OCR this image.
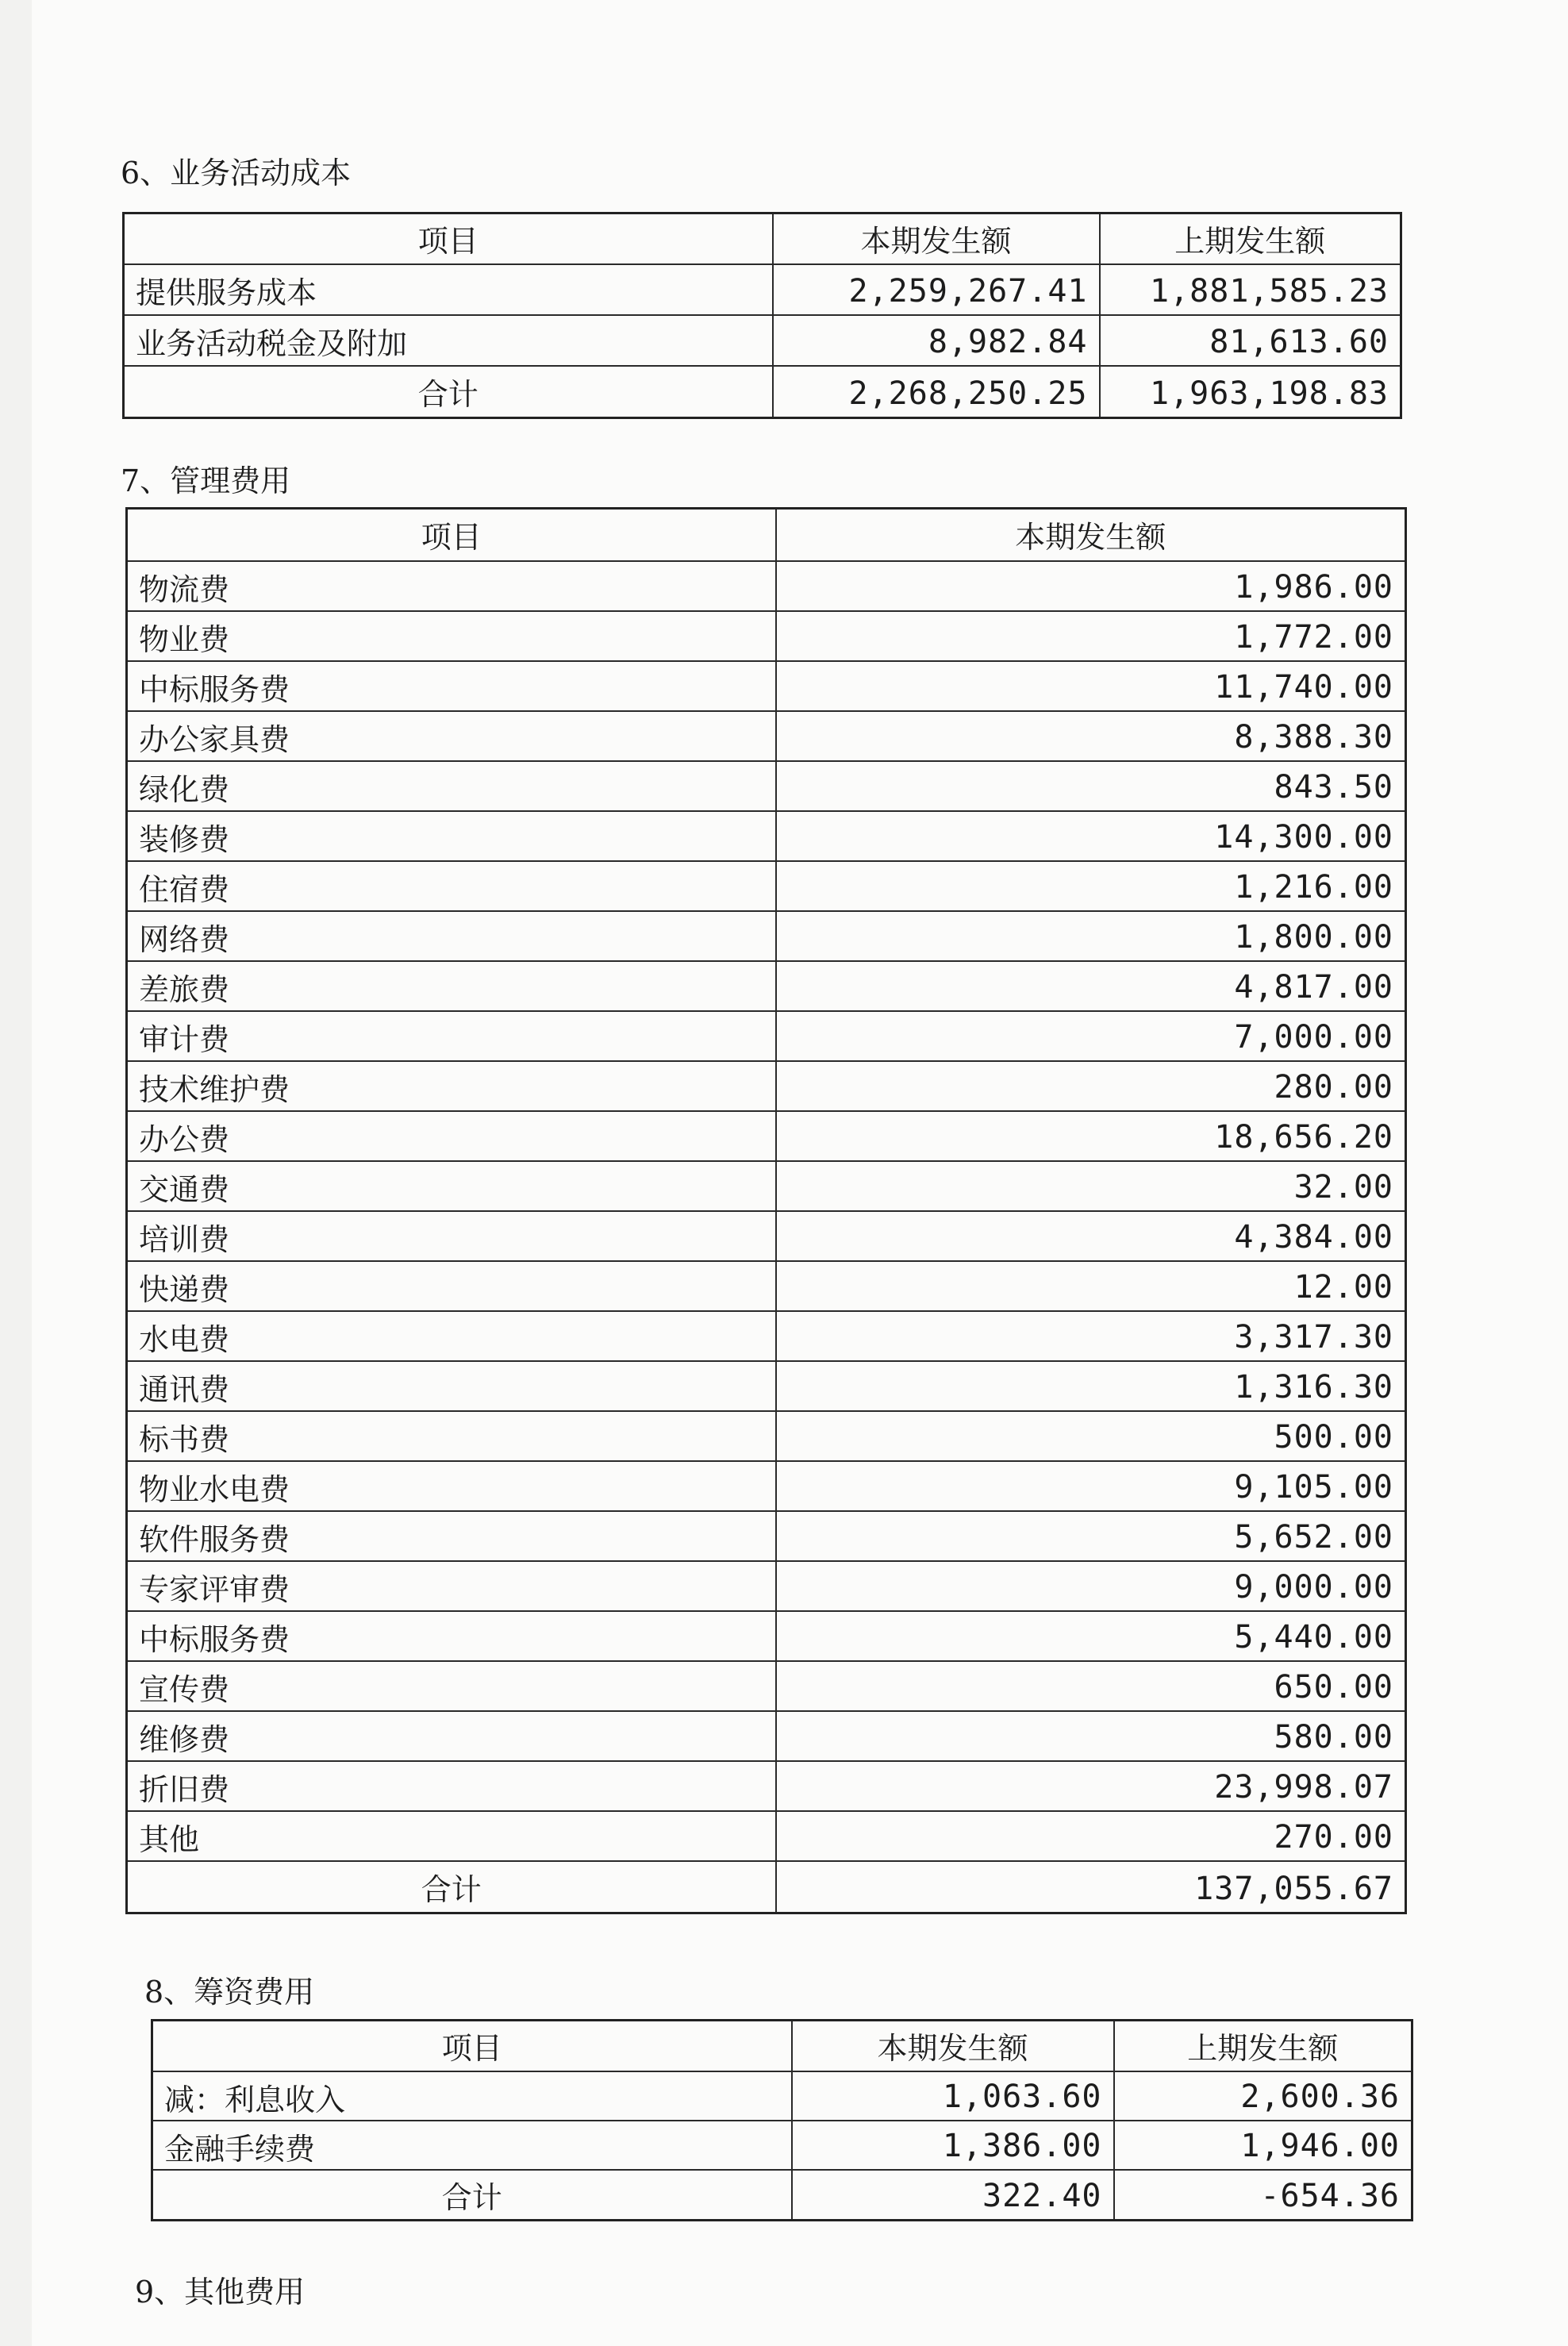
6、业务活动成本
项目	本期发生额	上期发生额
提供服务成本	2,259,267.41	1,881,585.23
业务活动税金及附加	8,982.84	81,613.60
合计	2,268,250.25	1,963,198.83
7、管理费用
项目	本期发生额
物流费	1,986.00
物业费	1,772.00
中标服务费	11,740.00
办公家具费	8,388.30
绿化费	843.50
装修费	14,300.00
住宿费	1,216.00
网络费	1,800.00
差旅费	4,817.00
审计费	7,000.00
技术维护费	280.00
办公费	18,656.20
交通费	32.00
培训费	4,384.00
快递费	12.00
水电费	3,317.30
通讯费	1,316.30
标书费	500.00
物业水电费	9,105.00
软件服务费	5,652.00
专家评审费	9,000.00
中标服务费	5,440.00
宣传费	650.00
维修费	580.00
折旧费	23,998.07
其他	270.00
合计	137,055.67
8、筹资费用
项目	本期发生额	上期发生额
减：利息收入	1,063.60	2,600.36
金融手续费	1,386.00	1,946.00
合计	322.40	-654.36
9、其他费用
